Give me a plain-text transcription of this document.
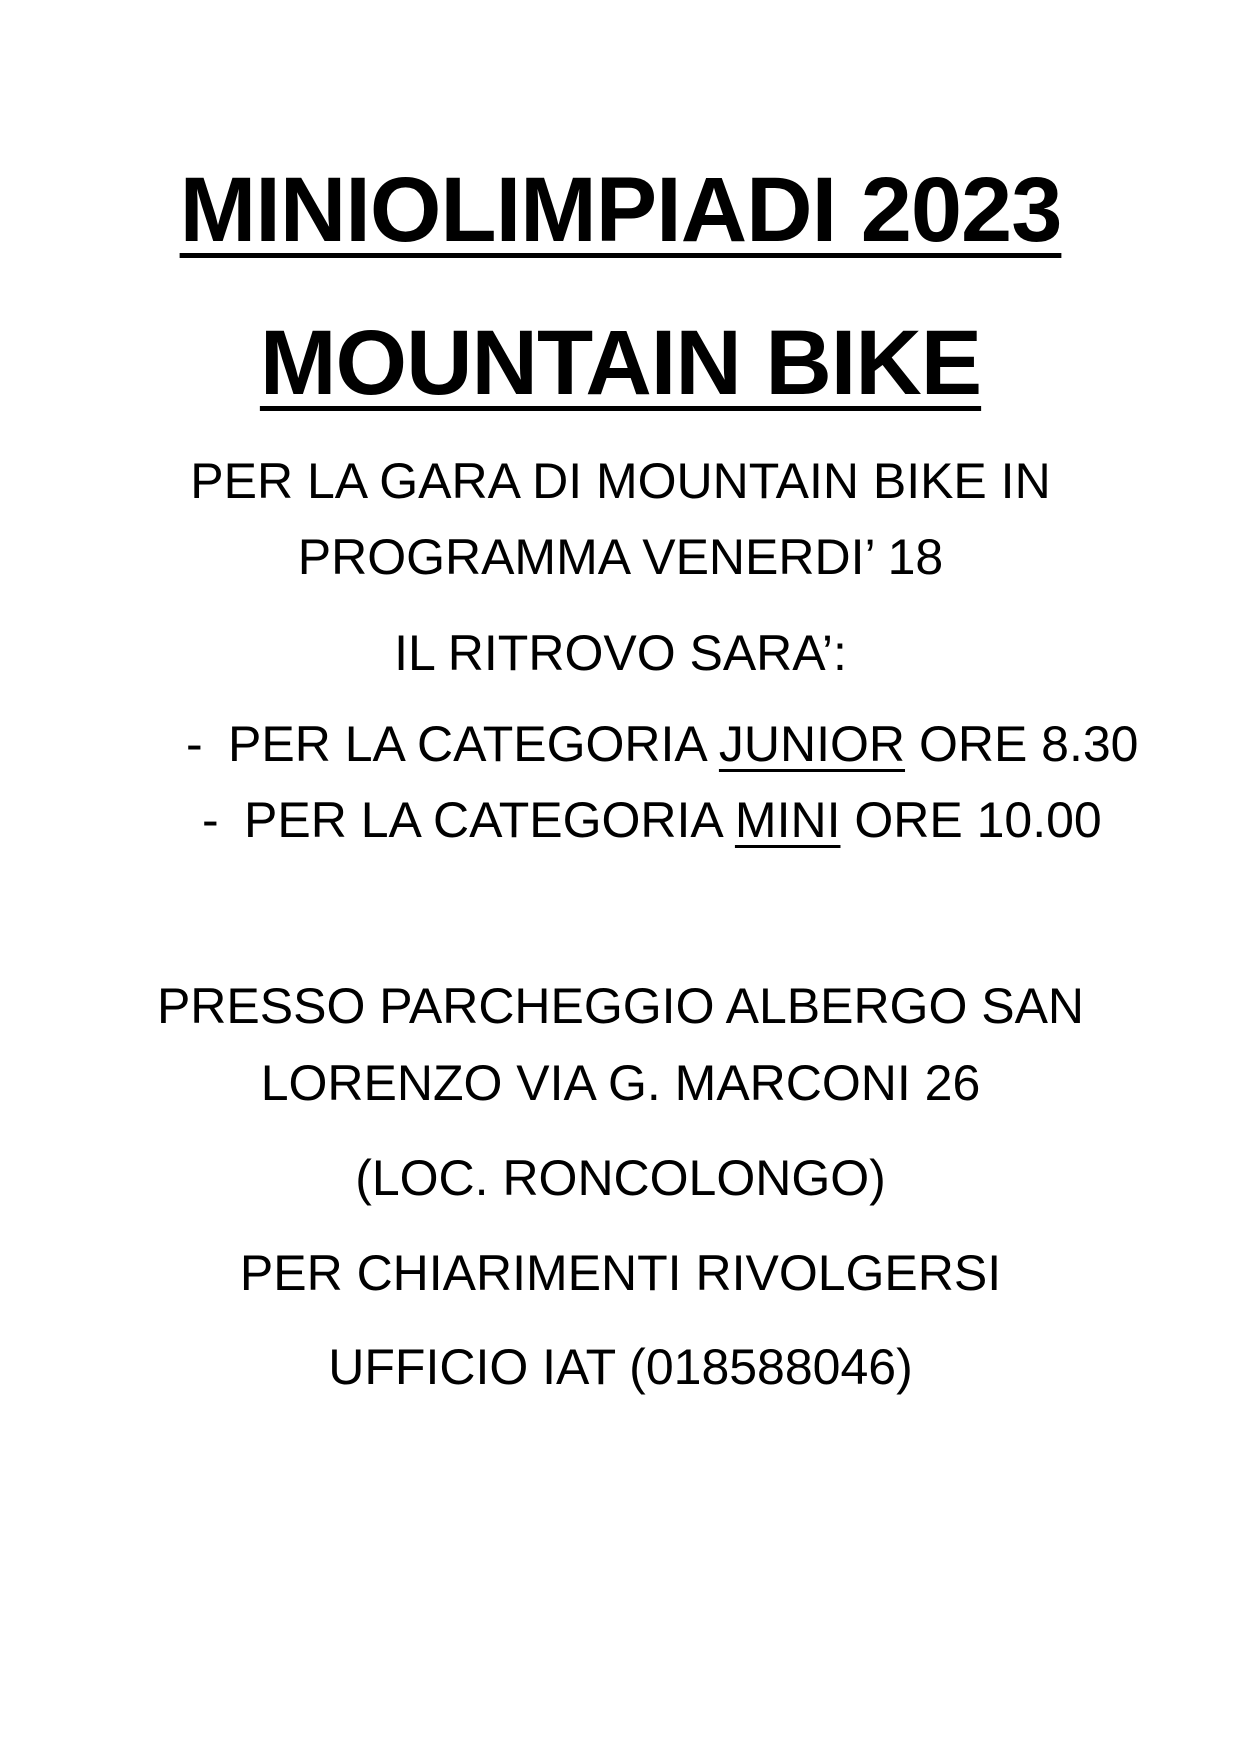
MINIOLIMPIADI 2023
MOUNTAIN BIKE

PER LA GARA DI MOUNTAIN BIKE IN

PROGRAMMA VENERDI’ 18

IL RITROVO SARA’:

- PER LA CATEGORIA JUNIOR ORE 8.30
- PER LA CATEGORIA MINI ORE 10.00

PRESSO PARCHEGGIO ALBERGO SAN

LORENZO VIA G. MARCONI 26

(LOC. RONCOLONGO)

PER CHIARIMENTI RIVOLGERSI

UFFICIO IAT (018588046)
